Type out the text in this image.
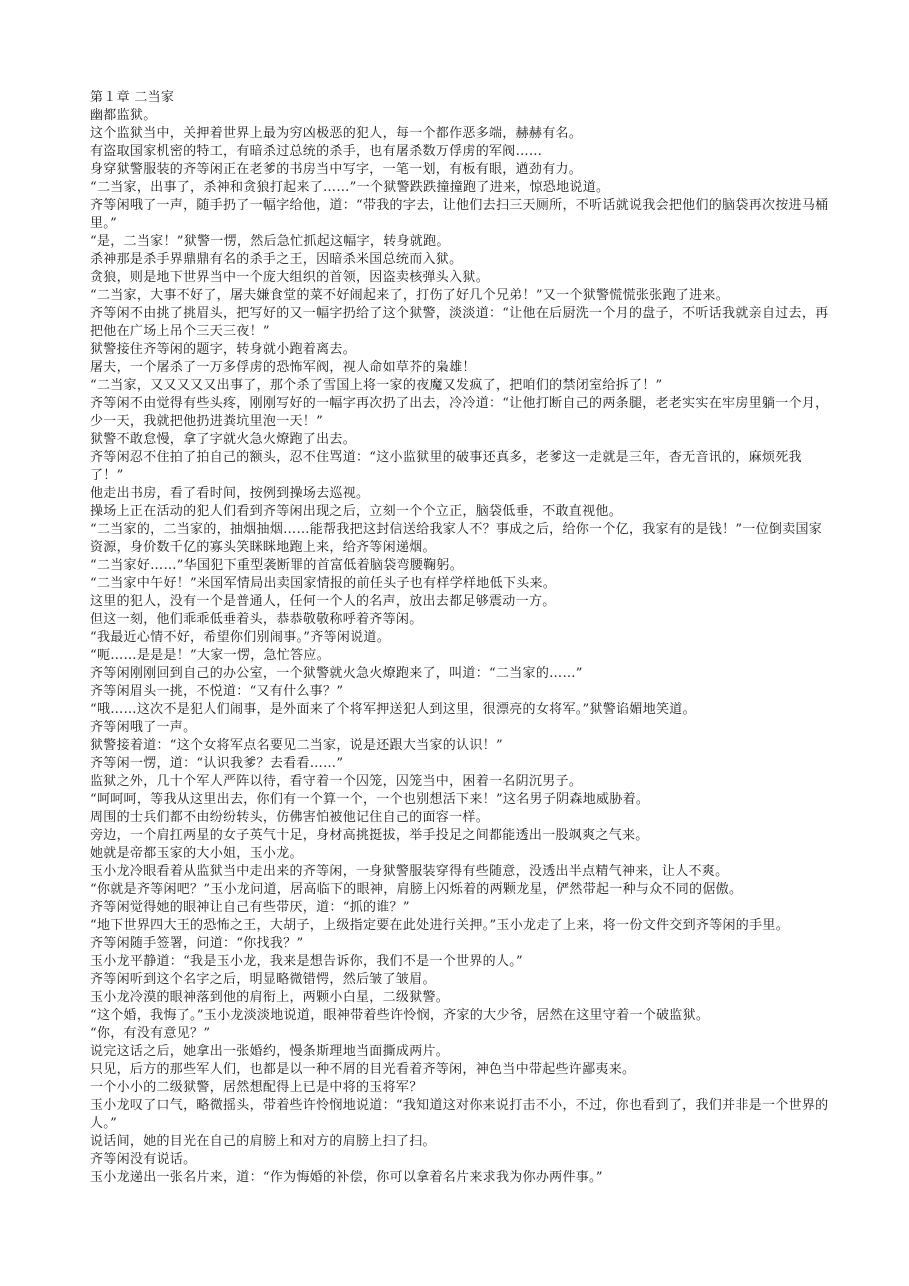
第１章 二当家

幽都监狱。

这个监狱当中，关押着世界上最为穷凶极恶的犯人，每一个都作恶多端，赫赫有名。

有盗取国家机密的特工，有暗杀过总统的杀手，也有屠杀数万俘虏的军阀……

身穿狱警服装的齐等闲正在老爹的书房当中写字，一笔一划，有板有眼，遒劲有力。

“二当家，出事了，杀神和贪狼打起来了……”一个狱警跌跌撞撞跑了进来，惊恐地说道。

齐等闲哦了一声，随手扔了一幅字给他，道：“带我的字去，让他们去扫三天厕所，不听话就说我会把他们的脑袋再次按进马桶里。”

“是，二当家！”狱警一愣，然后急忙抓起这幅字，转身就跑。

杀神那是杀手界鼎鼎有名的杀手之王，因暗杀米国总统而入狱。

贪狼，则是地下世界当中一个庞大组织的首领，因盗卖核弹头入狱。

“二当家，大事不好了，屠夫嫌食堂的菜不好闹起来了，打伤了好几个兄弟！”又一个狱警慌慌张张跑了进来。

齐等闲不由挑了挑眉头，把写好的又一幅字扔给了这个狱警，淡淡道：“让他在后厨洗一个月的盘子，不听话我就亲自过去，再把他在广场上吊个三天三夜！”

狱警接住齐等闲的题字，转身就小跑着离去。

屠夫，一个屠杀了一万多俘虏的恐怖军阀，视人命如草芥的枭雄！

“二当家，又又又又又出事了，那个杀了雪国上将一家的夜魔又发疯了，把咱们的禁闭室给拆了！”

齐等闲不由觉得有些头疼，刚刚写好的一幅字再次扔了出去，冷冷道：“让他打断自己的两条腿，老老实实在牢房里躺一个月，少一天，我就把他扔进粪坑里泡一天！”

狱警不敢怠慢，拿了字就火急火燎跑了出去。

齐等闲忍不住拍了拍自己的额头，忍不住骂道：“这小监狱里的破事还真多，老爹这一走就是三年，杳无音讯的，麻烦死我了！”

他走出书房，看了看时间，按例到操场去巡视。

操场上正在活动的犯人们看到齐等闲出现之后，立刻一个个立正，脑袋低垂，不敢直视他。

“二当家的，二当家的，抽烟抽烟……能帮我把这封信送给我家人不？事成之后，给你一个亿，我家有的是钱！”一位倒卖国家资源，身价数千亿的寡头笑眯眯地跑上来，给齐等闲递烟。

“二当家好……”华国犯下重型袭断罪的首富低着脑袋弯腰鞠躬。

“二当家中午好！”米国军情局出卖国家情报的前任头子也有样学样地低下头来。

这里的犯人，没有一个是普通人，任何一个人的名声，放出去都足够震动一方。

但这一刻，他们乖乖低垂着头，恭恭敬敬称呼着齐等闲。

“我最近心情不好，希望你们别闹事。”齐等闲说道。

“呃……是是是！”大家一愣，急忙答应。

齐等闲刚刚回到自己的办公室，一个狱警就火急火燎跑来了，叫道：“二当家的……”

齐等闲眉头一挑，不悦道：“又有什么事？”

“哦……这次不是犯人们闹事，是外面来了个将军押送犯人到这里，很漂亮的女将军。”狱警谄媚地笑道。

齐等闲哦了一声。

狱警接着道：“这个女将军点名要见二当家，说是还跟大当家的认识！”

齐等闲一愣，道：“认识我爹？去看看……”

监狱之外，几十个军人严阵以待，看守着一个囚笼，囚笼当中，困着一名阴沉男子。

“呵呵呵，等我从这里出去，你们有一个算一个，一个也别想活下来！”这名男子阴森地威胁着。

周围的士兵们都不由纷纷转头，仿佛害怕被他记住自己的面容一样。

旁边，一个肩扛两星的女子英气十足，身材高挑挺拔，举手投足之间都能透出一股飒爽之气来。

她就是帝都玉家的大小姐，玉小龙。

玉小龙冷眼看着从监狱当中走出来的齐等闲，一身狱警服装穿得有些随意，没透出半点精气神来，让人不爽。

“你就是齐等闲吧？”玉小龙问道，居高临下的眼神，肩膀上闪烁着的两颗龙星，俨然带起一种与众不同的倨傲。

齐等闲觉得她的眼神让自己有些带厌，道：“抓的谁？”

“地下世界四大王的恐怖之王，大胡子，上级指定要在此处进行关押。”玉小龙走了上来，将一份文件交到齐等闲的手里。

齐等闲随手签署，问道：“你找我？”

玉小龙平静道：“我是玉小龙，我来是想告诉你，我们不是一个世界的人。”

齐等闲听到这个名字之后，明显略微错愕，然后皱了皱眉。

玉小龙冷漠的眼神落到他的肩衔上，两颗小白星，二级狱警。

“这个婚，我悔了。”玉小龙淡淡地说道，眼神带着些许怜悯，齐家的大少爷，居然在这里守着一个破监狱。

“你，有没有意见？”

说完这话之后，她拿出一张婚约，慢条斯理地当面撕成两片。

只见，后方的那些军人们，也都是以一种不屑的目光看着齐等闲，神色当中带起些许鄙夷来。

一个小小的二级狱警，居然想配得上已是中将的玉将军？

玉小龙叹了口气，略微摇头，带着些许怜悯地说道：“我知道这对你来说打击不小，不过，你也看到了，我们并非是一个世界的人。”

说话间，她的目光在自己的肩膀上和对方的肩膀上扫了扫。

齐等闲没有说话。

玉小龙递出一张名片来，道：“作为悔婚的补偿，你可以拿着名片来求我为你办两件事。”
